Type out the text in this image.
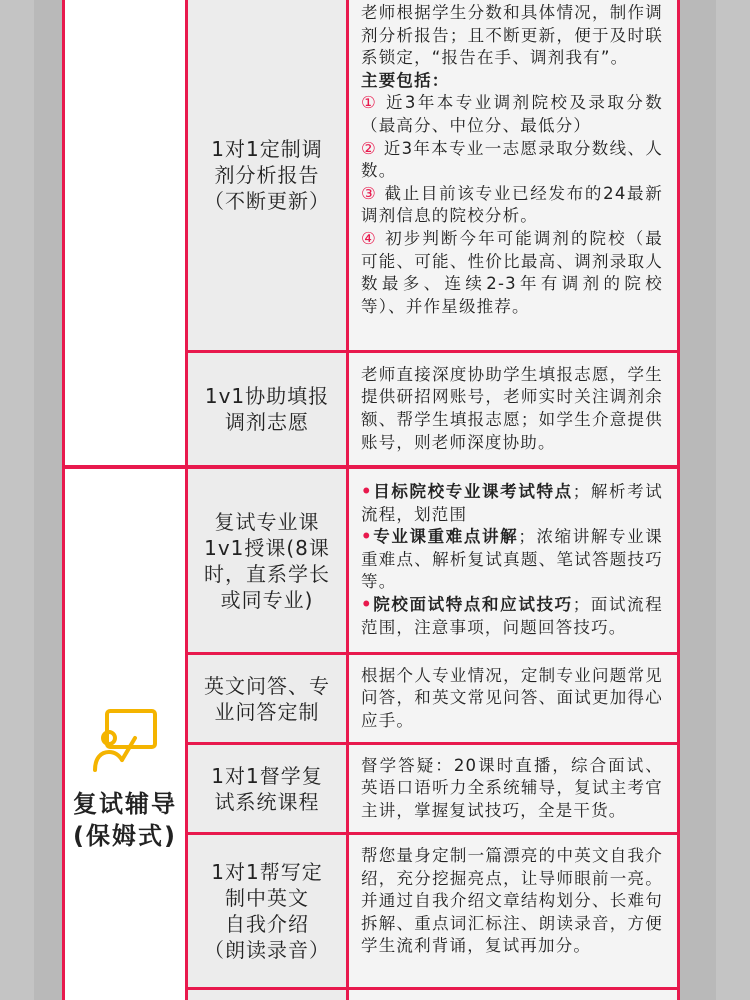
1对1定制调
剂分析报告
（不断更新）

老师根据学生分数和具体情况，制作调剂分析报告；且不断更新，便于及时联系锁定，“报告在手、调剂我有”。

主要包括：

① 近3年本专业调剂院校及录取分数（最高分、中位分、最低分）

② 近3年本专业一志愿录取分数线、人数。

③ 截止目前该专业已经发布的24最新调剂信息的院校分析。

④ 初步判断今年可能调剂的院校（最可能、可能、性价比最高、调剂录取人数最多、连续2-3年有调剂的院校等）、并作星级推荐。

1v1协助填报
调剂志愿

老师直接深度协助学生填报志愿，学生提供研招网账号，老师实时关注调剂余额、帮学生填报志愿；如学生介意提供账号，则老师深度协助。

复试辅导
(保姆式)
复试专业课
1v1授课(8课
时，直系学长
或同专业)

•目标院校专业课考试特点；解析考试流程，划范围

•专业课重难点讲解；浓缩讲解专业课重难点、解析复试真题、笔试答题技巧等。

•院校面试特点和应试技巧；面试流程范围，注意事项，问题回答技巧。

英文问答、专
业问答定制

根据个人专业情况，定制专业问题常见问答，和英文常见问答、面试更加得心应手。

1对1督学复
试系统课程

督学答疑：20课时直播，综合面试、英语口语听力全系统辅导，复试主考官主讲，掌握复试技巧，全是干货。

1对1帮写定
制中英文
自我介绍
（朗读录音）

帮您量身定制一篇漂亮的中英文自我介绍，充分挖掘亮点，让导师眼前一亮。并通过自我介绍文章结构划分、长难句拆解、重点词汇标注、朗读录音，方便学生流利背诵，复试再加分。
